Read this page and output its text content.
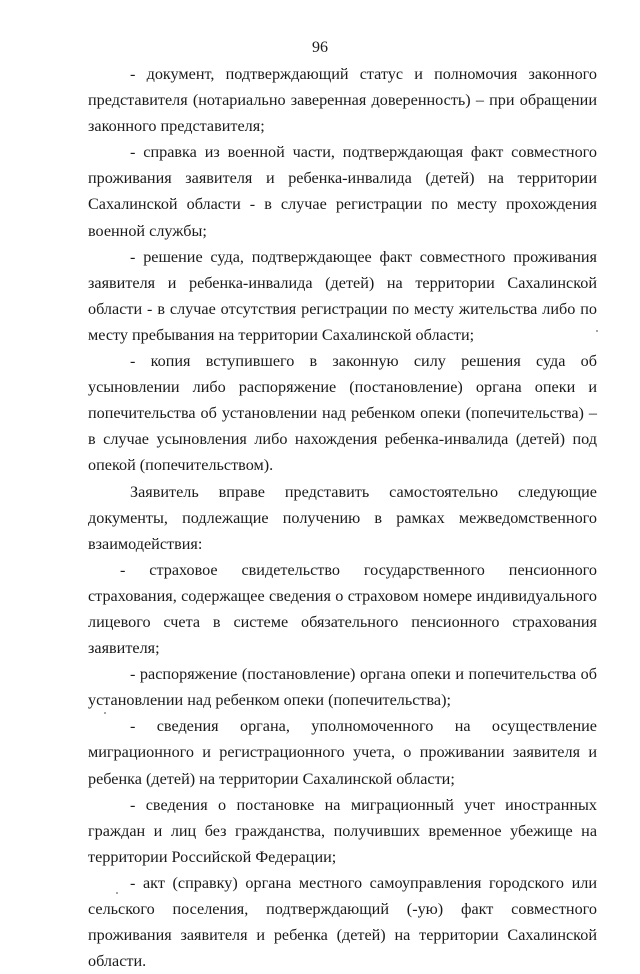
96

- документ, подтверждающий статус и полномочия законного представителя (нотариально заверенная доверенность) – при обращении законного представителя;

- справка из военной части, подтверждающая факт совместного проживания заявителя и ребенка-инвалида (детей) на территории Сахалинской области - в случае регистрации по месту прохождения военной службы;

- решение суда, подтверждающее факт совместного проживания заявителя и ребенка-инвалида (детей) на территории Сахалинской области - в случае отсутствия регистрации по месту жительства либо по месту пребывания на территории Сахалинской области;

- копия вступившего в законную силу решения суда об усыновлении либо распоряжение (постановление) органа опеки и попечительства об установлении над ребенком опеки (попечительства) – в случае усыновления либо нахождения ребенка-инвалида (детей) под опекой (попечительством).

Заявитель вправе представить самостоятельно следующие документы, подлежащие получению в рамках межведомственного взаимодействия:

- страховое свидетельство государственного пенсионного страхования, содержащее сведения о страховом номере индивидуального лицевого счета в системе обязательного пенсионного страхования заявителя;

- распоряжение (постановление) органа опеки и попечительства об установлении над ребенком опеки (попечительства);

- сведения органа, уполномоченного на осуществление миграционного и регистрационного учета, о проживании заявителя и ребенка (детей) на территории Сахалинской области;

- сведения о постановке на миграционный учет иностранных граждан и лиц без гражданства, получивших временное убежище на территории Российской Федерации;

- акт (справку) органа местного самоуправления городского или сельского поселения, подтверждающий (-ую) факт совместного проживания заявителя и ребенка (детей) на территории Сахалинской области.
